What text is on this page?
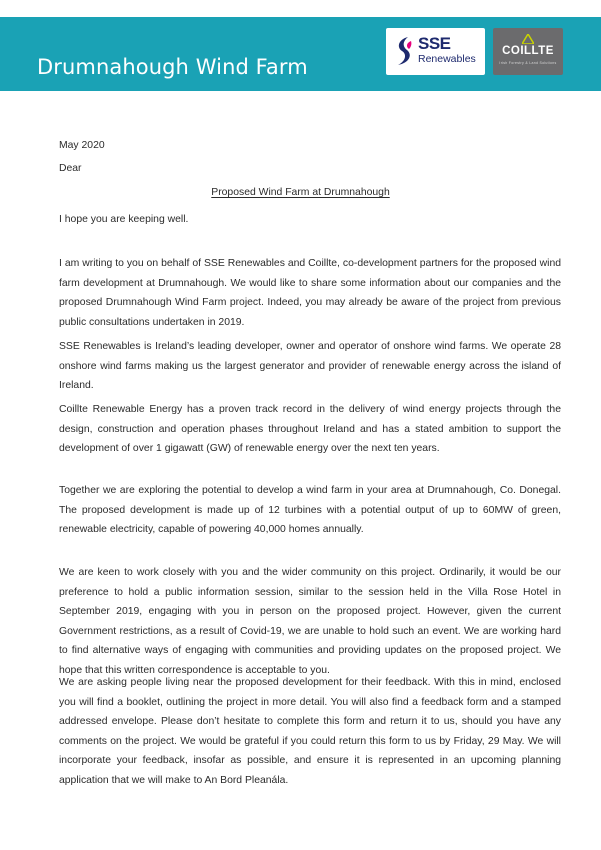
Drumnahough Wind Farm
SSE
Renewables
COILLTE
Irish Forestry & Land Solutions
May 2020
Dear
Proposed Wind Farm at Drumnahough

I hope you are keeping well.

I am writing to you on behalf of SSE Renewables and Coillte, co-development partners for the proposed wind farm development at Drumnahough. We would like to share some information about our companies and the proposed Drumnahough Wind Farm project. Indeed, you may already be aware of the project from previous public consultations undertaken in 2019.

SSE Renewables is Ireland’s leading developer, owner and operator of onshore wind farms. We operate 28 onshore wind farms making us the largest generator and provider of renewable energy across the island of Ireland.

Coillte Renewable Energy has a proven track record in the delivery of wind energy projects through the design, construction and operation phases throughout Ireland and has a stated ambition to support the development of over 1 gigawatt (GW) of renewable energy over the next ten years.

Together we are exploring the potential to develop a wind farm in your area at Drumnahough, Co. Donegal. The proposed development is made up of 12 turbines with a potential output of up to 60MW of green, renewable electricity, capable of powering 40,000 homes annually.

We are keen to work closely with you and the wider community on this project. Ordinarily, it would be our preference to hold a public information session, similar to the session held in the Villa Rose Hotel in September 2019, engaging with you in person on the proposed project. However, given the current Government restrictions, as a result of Covid-19, we are unable to hold such an event. We are working hard to find alternative ways of engaging with communities and providing updates on the proposed project. We hope that this written correspondence is acceptable to you.

We are asking people living near the proposed development for their feedback. With this in mind, enclosed you will find a booklet, outlining the project in more detail. You will also find a feedback form and a stamped addressed envelope. Please don’t hesitate to complete this form and return it to us, should you have any comments on the project. We would be grateful if you could return this form to us by Friday, 29 May. We will incorporate your feedback, insofar as possible, and ensure it is represented in an upcoming planning application that we will make to An Bord Pleanála.
